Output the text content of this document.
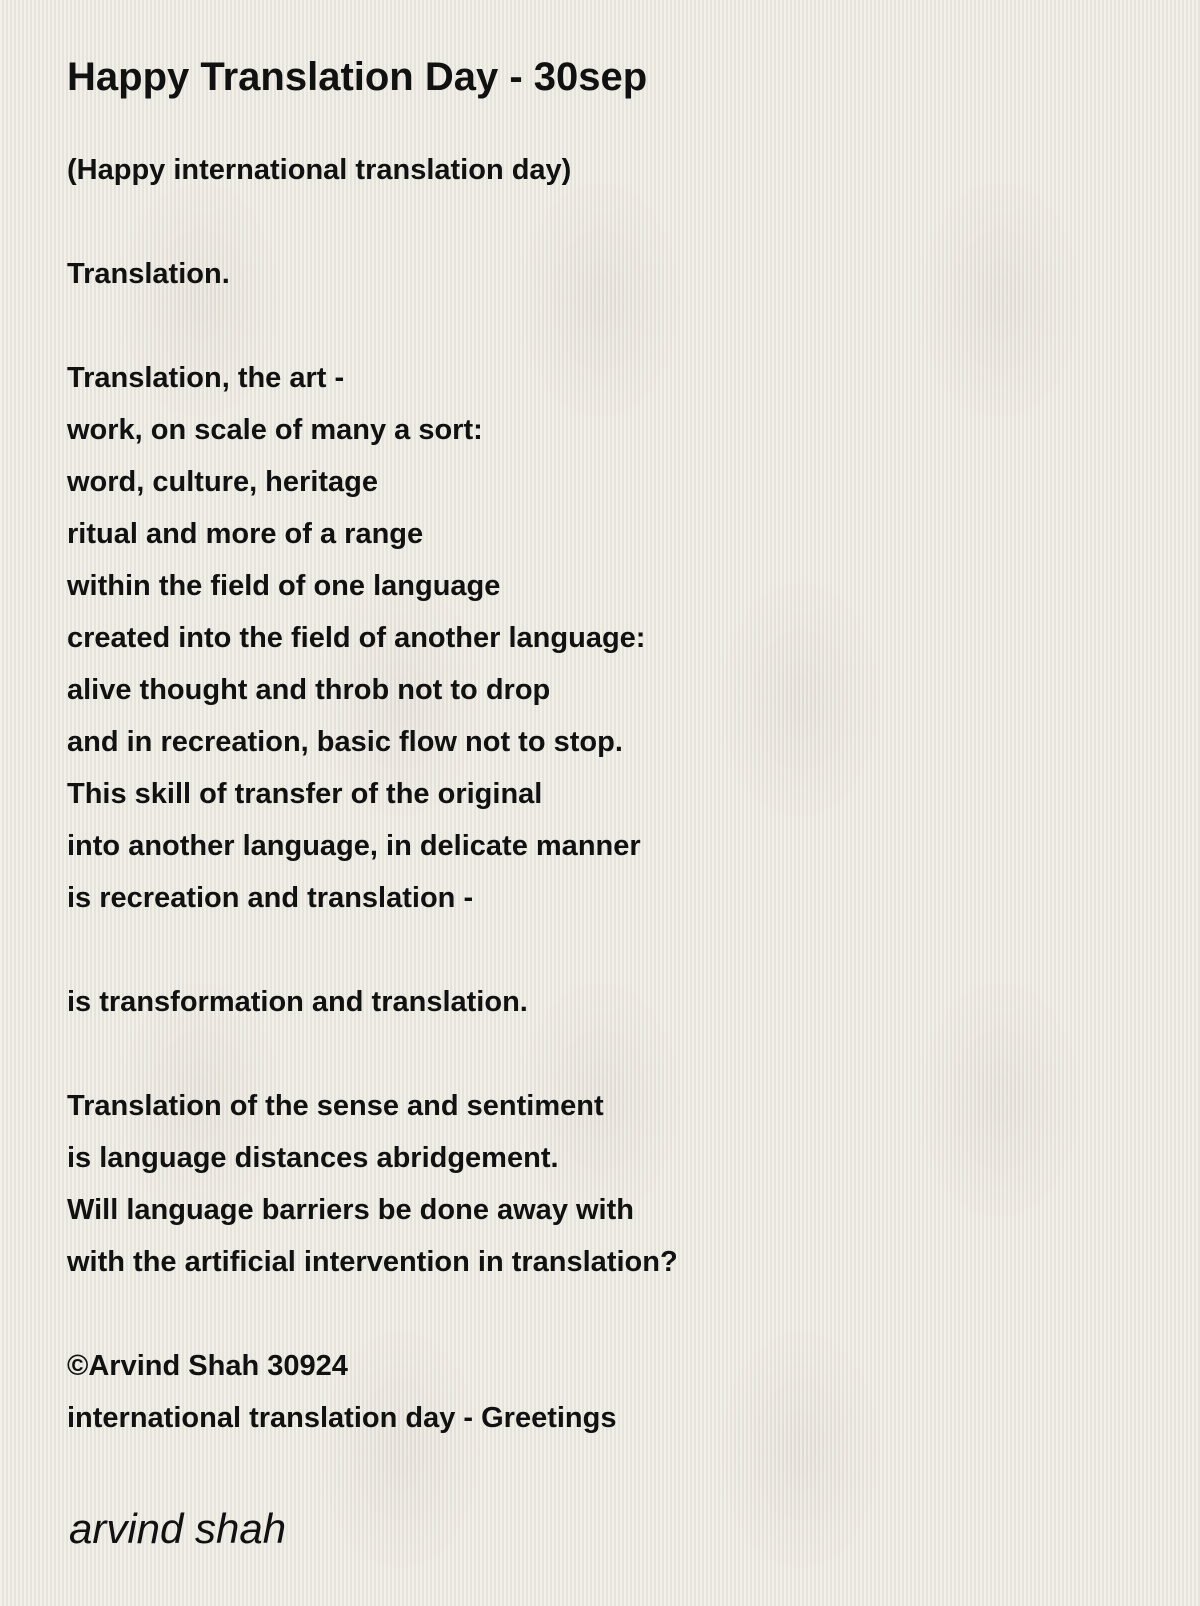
Happy Translation Day - 30sep
(Happy international translation day)
Translation.
Translation, the art -
work, on scale of many a sort:
word, culture, heritage
ritual and more of a range
within the field of one language
created into the field of another language:
alive thought and throb not to drop
and in recreation, basic flow not to stop.
This skill of transfer of the original
into another language, in delicate manner
is recreation and translation -
is transformation and translation.
Translation of the sense and sentiment
is language distances abridgement.
Will language barriers be done away with
with the artificial intervention in translation?
©Arvind Shah 30924
international translation day - Greetings
arvind shah
